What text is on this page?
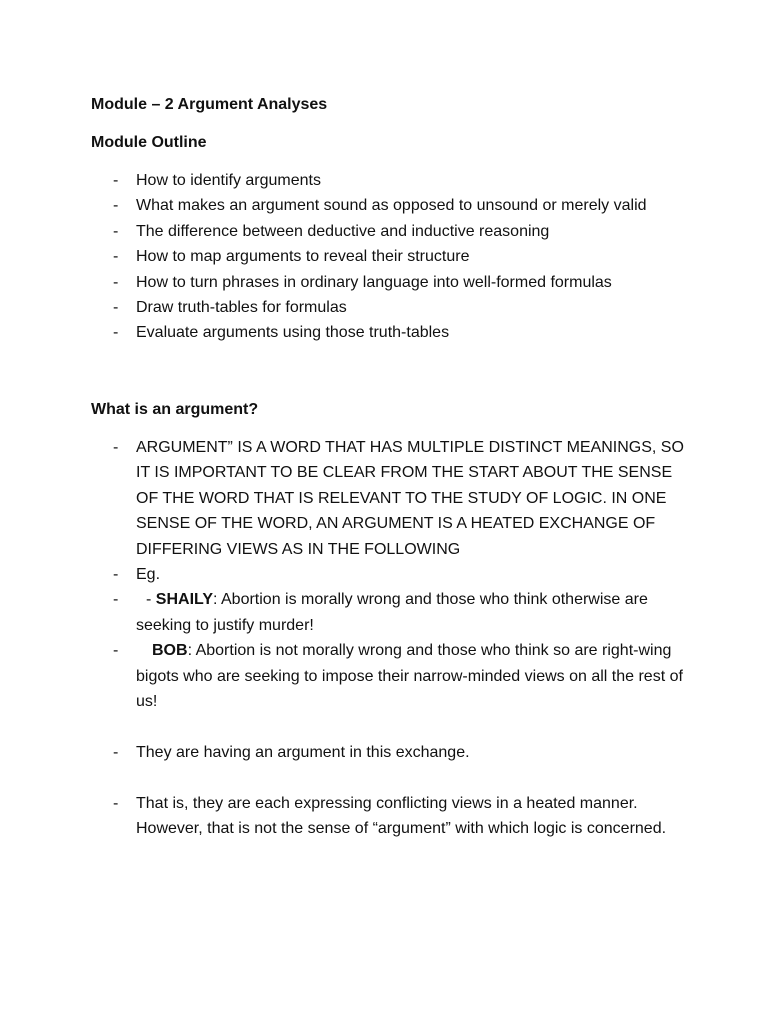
Module – 2 Argument Analyses

Module Outline

- How to identify arguments
- What makes an argument sound as opposed to unsound or merely valid
- The difference between deductive and inductive reasoning
- How to map arguments to reveal their structure
- How to turn phrases in ordinary language into well-formed formulas
- Draw truth-tables for formulas
- Evaluate arguments using those truth-tables

What is an argument?

- ARGUMENT” IS A WORD THAT HAS MULTIPLE DISTINCT MEANINGS, SO IT IS IMPORTANT TO BE CLEAR FROM THE START ABOUT THE SENSE OF THE WORD THAT IS RELEVANT TO THE STUDY OF LOGIC. IN ONE SENSE OF THE WORD, AN ARGUMENT IS A HEATED EXCHANGE OF DIFFERING VIEWS AS IN THE FOLLOWING
- Eg.
-	- SHAILY: Abortion is morally wrong and those who think otherwise are seeking to justify murder!
-	BOB: Abortion is not morally wrong and those who think so are right-wing bigots who are seeking to impose their narrow-minded views on all the rest of us!
- They are having an argument in this exchange.
- That is, they are each expressing conflicting views in a heated manner. However, that is not the sense of “argument” with which logic is concerned.
